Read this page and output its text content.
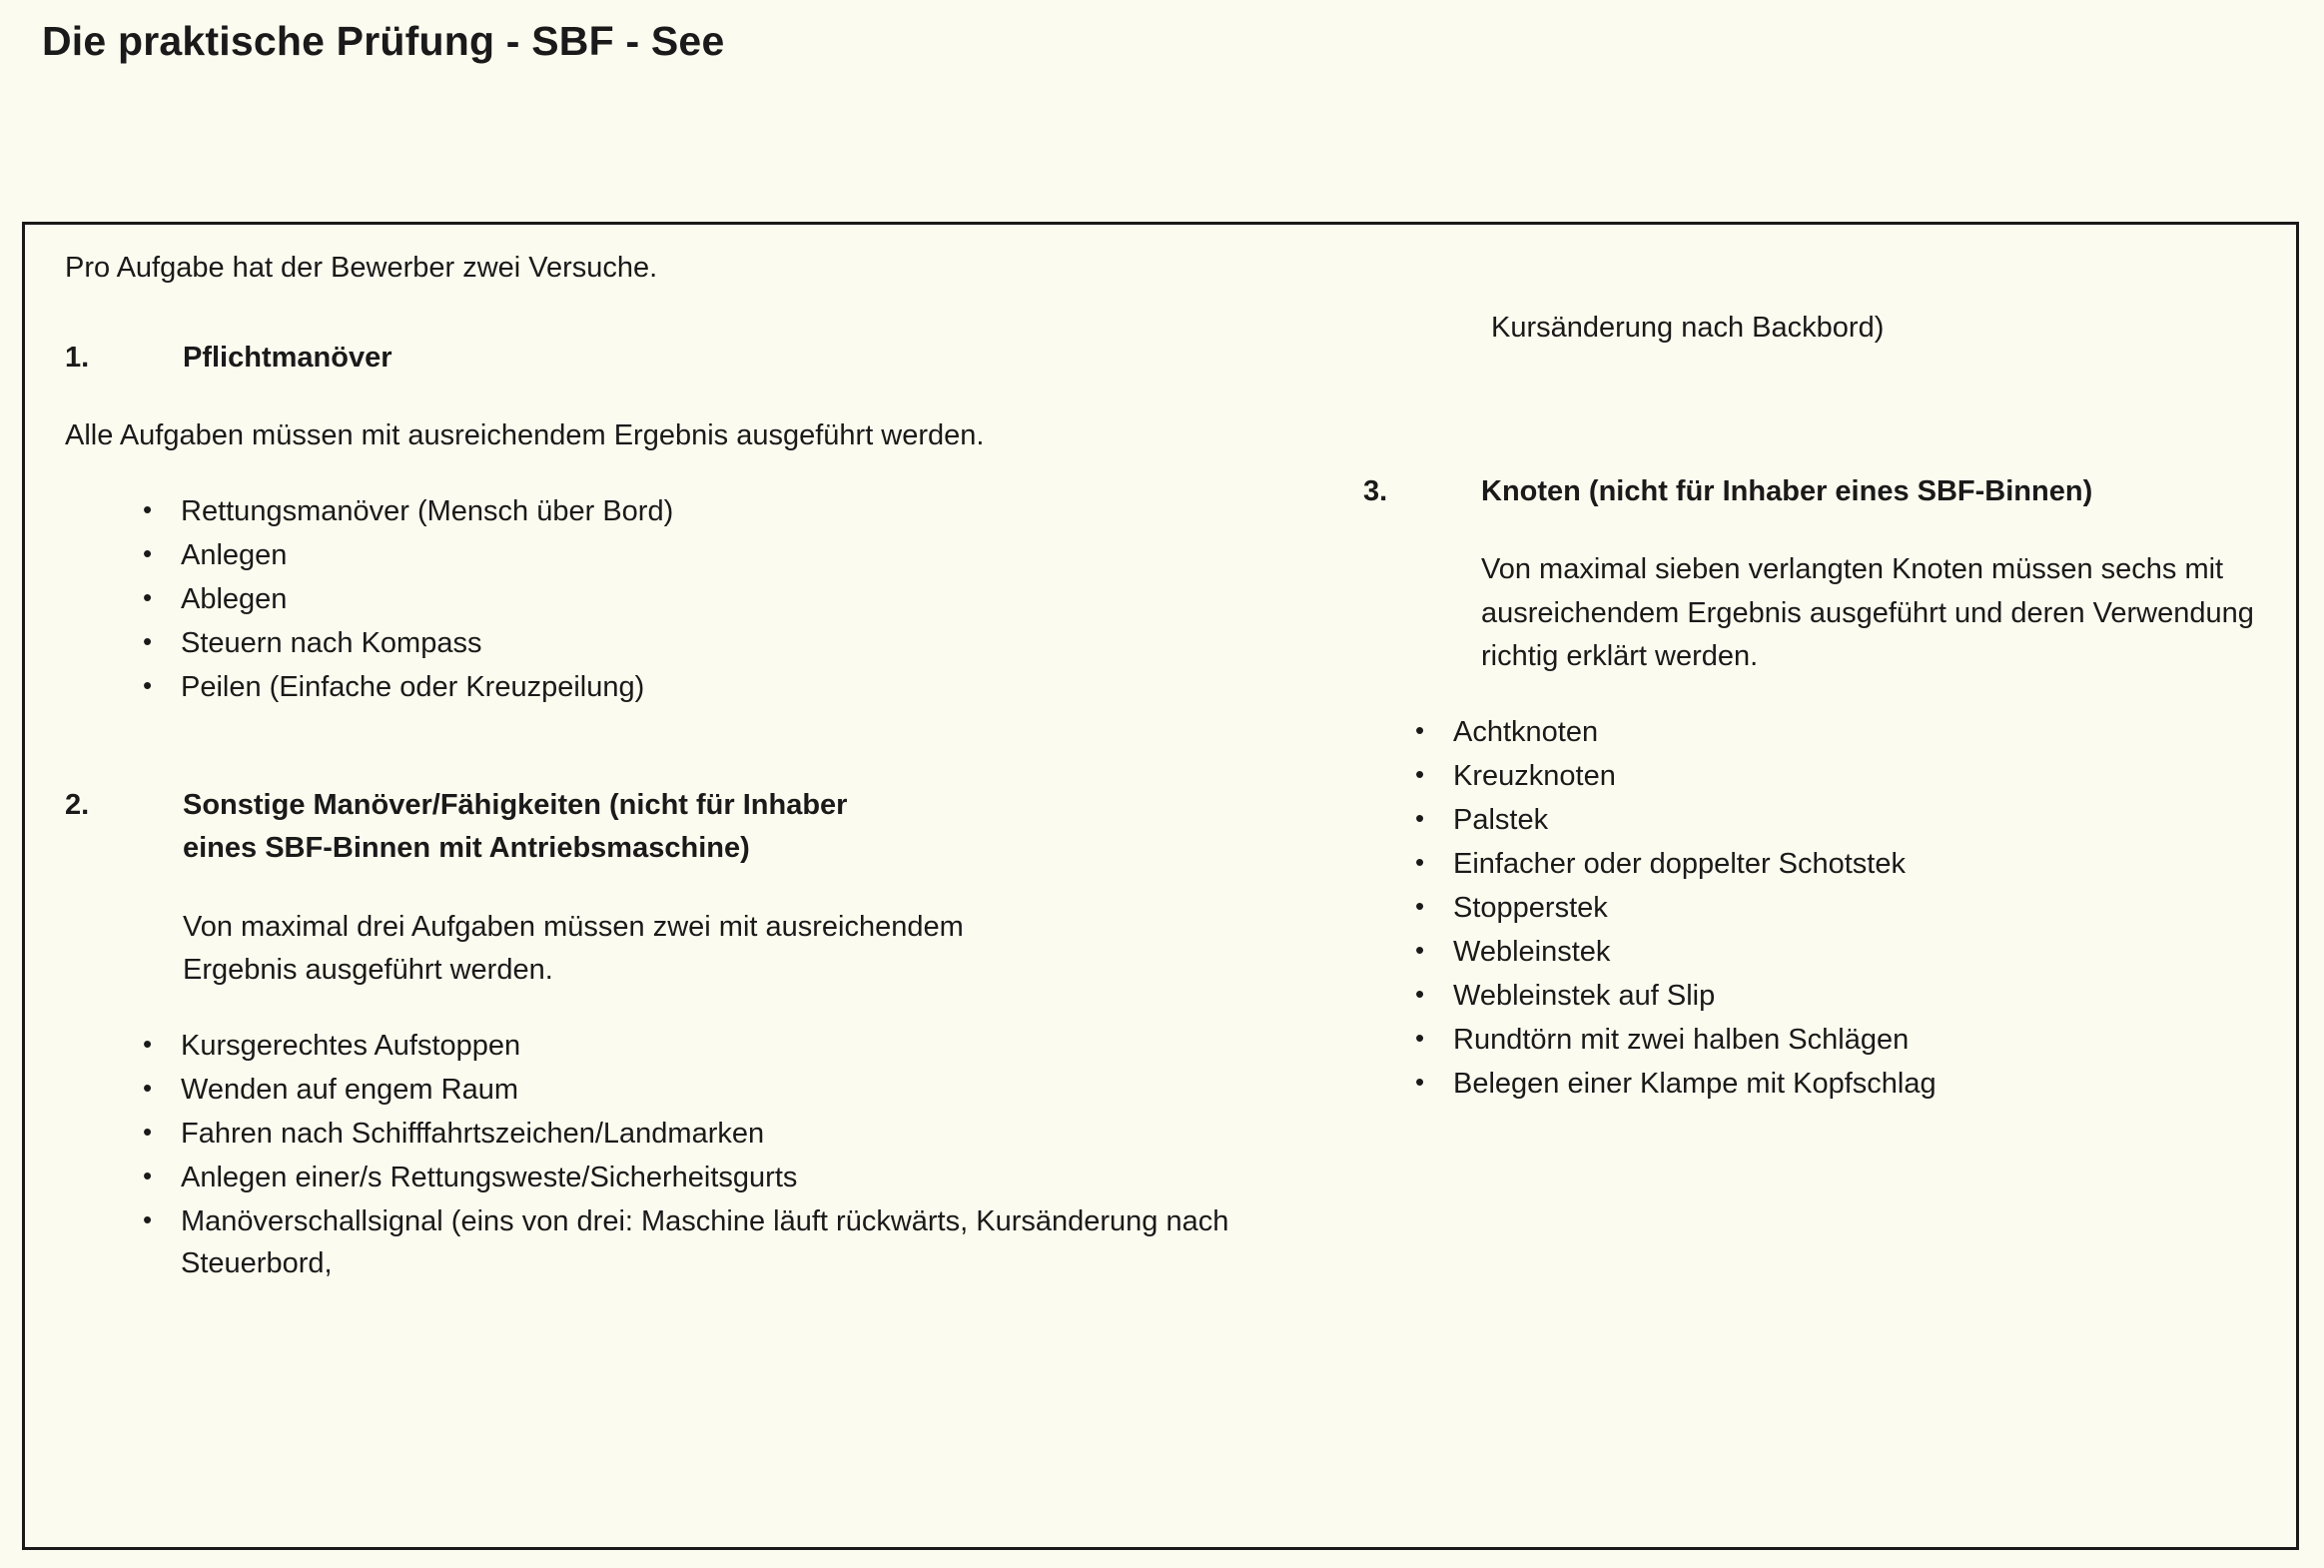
Die praktische Prüfung - SBF - See

Pro Aufgabe hat der Bewerber zwei Versuche.

1.	Pflichtmanöver

Alle Aufgaben müssen mit ausreichendem Ergebnis ausgeführt werden.

• Rettungsmanöver (Mensch über Bord)
• Anlegen
• Ablegen
• Steuern nach Kompass
• Peilen (Einfache oder Kreuzpeilung)
2.	Sonstige Manöver/Fähigkeiten (nicht für Inhaber eines SBF-Binnen mit Antriebsmaschine)

Von maximal drei Aufgaben müssen zwei mit ausreichendem Ergebnis ausgeführt werden.

• Kursgerechtes Aufstoppen
• Wenden auf engem Raum
• Fahren nach Schifffahrtszeichen/Landmarken
• Anlegen einer/s Rettungsweste/Sicherheitsgurts
• Manöverschallsignal (eins von drei: Maschine läuft rückwärts, Kursänderung nach Steuerbord,

Kursänderung nach Backbord)

3.	Knoten (nicht für Inhaber eines SBF-Binnen)

Von maximal sieben verlangten Knoten müssen sechs mit ausreichendem Ergebnis ausgeführt und deren Verwendung richtig erklärt werden.

• Achtknoten
• Kreuzknoten
• Palstek
• Einfacher oder doppelter Schotstek
• Stopperstek
• Webleinstek
• Webleinstek auf Slip
• Rundtörn mit zwei halben Schlägen
• Belegen einer Klampe mit Kopfschlag
